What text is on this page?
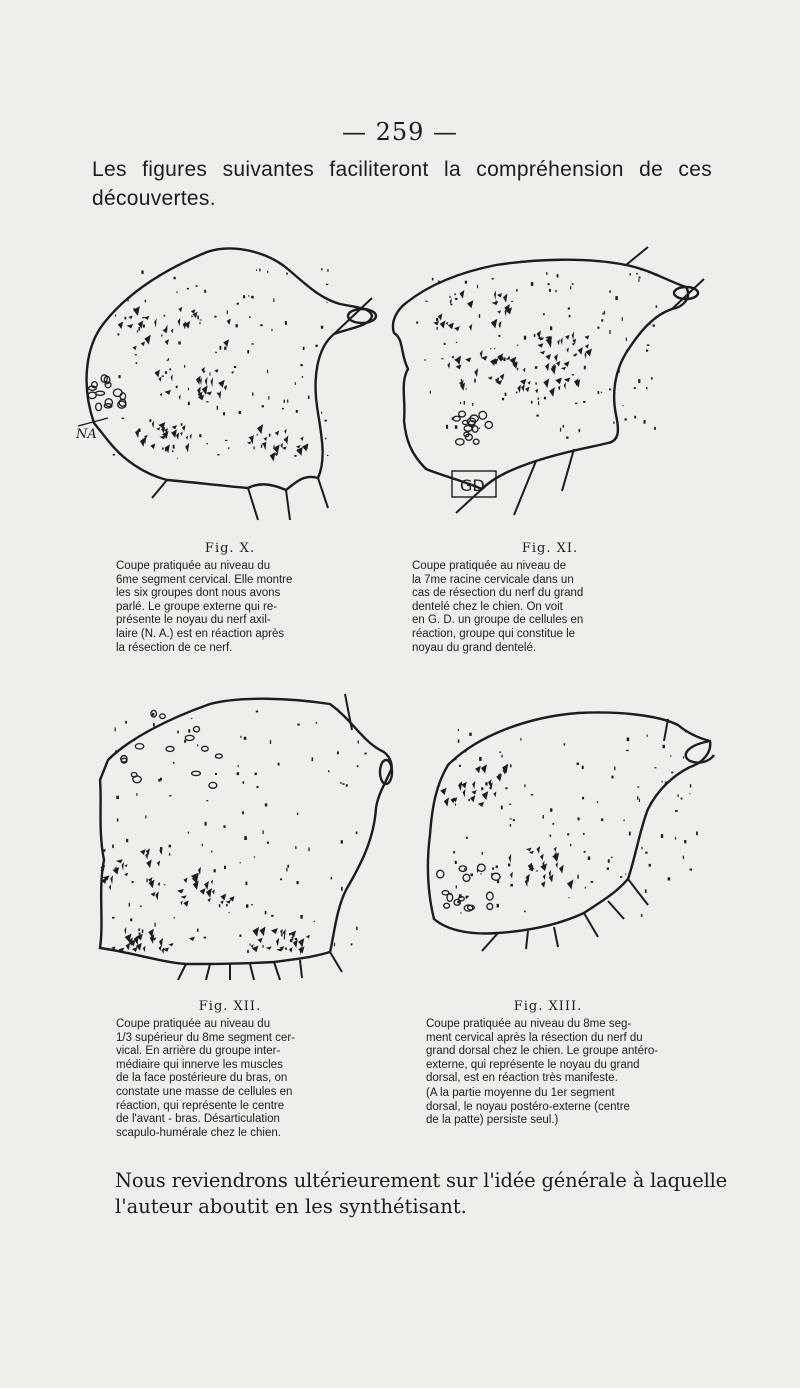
— 259 —
Les figures suivantes faciliteront la compréhension de ces
découvertes.
NA
Fig. X.
Coupe pratiquée au niveau du
6me segment cervical. Elle montre
les six groupes dont nous avons
parlé. Le groupe externe qui re-
présente le noyau du nerf axil-
laire (N. A.) est en réaction après
la résection de ce nerf.
GD
Fig. XI.
Coupe pratiquée au niveau de
la 7me racine cervicale dans un
cas de résection du nerf du grand
dentelé chez le chien. On voit
en G. D. un groupe de cellules en
réaction, groupe qui constitue le
noyau du grand dentelé.
Fig. XII.
Coupe pratiquée au niveau du
1/3 supérieur du 8me segment cer-
vical. En arrière du groupe inter-
médiaire qui innerve les muscles
de la face postérieure du bras, on
constate une masse de cellules en
réaction, qui représente le centre
de l'avant - bras. Désarticulation
scapulo-humérale chez le chien.
Fig. XIII.
Coupe pratiquée au niveau du 8me seg-
ment cervical après la résection du nerf du
grand dorsal chez le chien. Le groupe antéro-
externe, qui représente le noyau du grand
dorsal, est en réaction très manifeste.
(A la partie moyenne du 1er segment
dorsal, le noyau postéro-externe (centre
de la patte) persiste seul.)
Nous reviendrons ultérieurement sur l'idée générale à laquelle
l'auteur aboutit en les synthétisant.
